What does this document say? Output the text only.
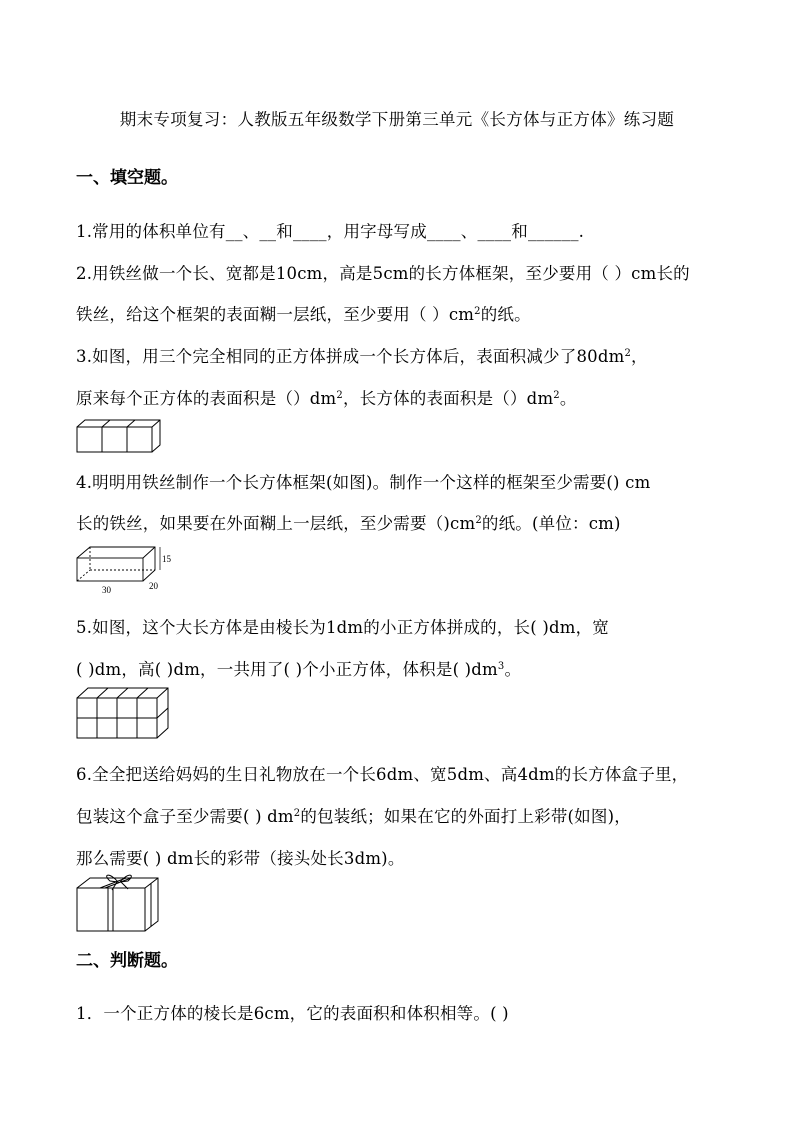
期末专项复习：人教版五年级数学下册第三单元《长方体与正方体》练习题
一、填空题。
1.常用的体积单位有__、__和____，用字母写成____、____和______.
2.用铁丝做一个长、宽都是10cm，高是5cm的长方体框架，至少要用（ ）cm长的
铁丝，给这个框架的表面糊一层纸，至少要用（ ）$cm^2$的纸。
3.如图，用三个完全相同的正方体拼成一个长方体后，表面积减少了$80dm^2$，
原来每个正方体的表面积是$()dm^2$，长方体的表面积是$()dm^2$。
4.明明用铁丝制作一个长方体框架(如图)。制作一个这样的框架至少需要() cm
长的铁丝，如果要在外面糊上一层纸，至少需要$()cm^2$的纸。(单位：cm)
15
30	20
5.如图，这个大长方体是由棱长为1dm的小正方体拼成的，长( )dm，宽
( )dm，高( )dm，一共用了( )个小正方体，体积是( )$dm^3$。
6.全全把送给妈妈的生日礼物放在一个长6dm、宽5dm、高4dm的长方体盒子里，
包装这个盒子至少需要( ) $dm^2$的包装纸；如果在它的外面打上彩带(如图)，
那么需要( ) dm长的彩带（接头处长3dm)。
二、判断题。
1．一个正方体的棱长是6cm，它的表面积和体积相等。( )
